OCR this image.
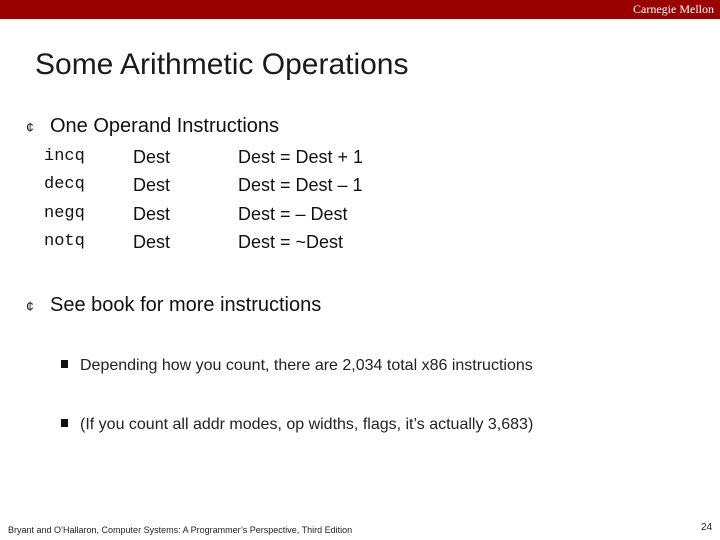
Carnegie Mellon
Some Arithmetic Operations
¢ One Operand Instructions
incq	Dest	Dest = Dest + 1
decq	Dest	Dest = Dest – 1
negq	Dest	Dest = – Dest
notq	Dest	Dest = ~Dest
¢ See book for more instructions
Depending how you count, there are 2,034 total x86 instructions
(If you count all addr modes, op widths, flags, it’s actually 3,683)
Bryant and O’Hallaron, Computer Systems: A Programmer’s Perspective, Third Edition	24
